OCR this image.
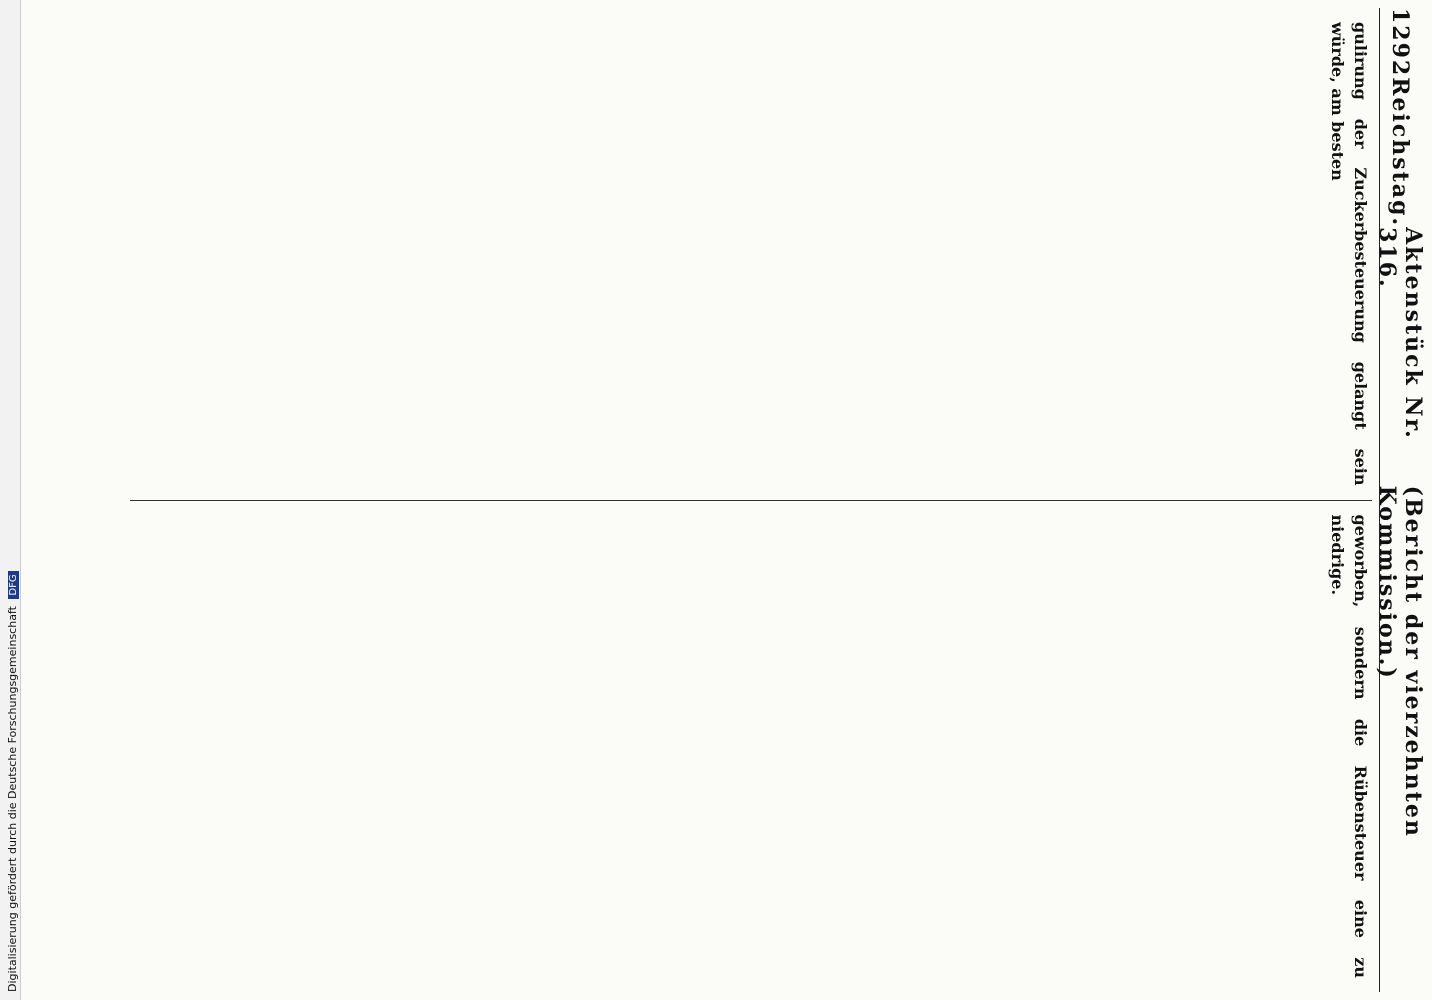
Digitalisierung gefördert durch die Deutsche Forschungsgemeinschaft DFG
1292
Reichstag.
Aktenstück Nr. 316.
(Bericht der vierzehnten Kommission.)
gulirung der Zuckerbesteuerung gelangt sein würde, am besten
geworben, sondern die Rübensteuer eine zu niedrige.
